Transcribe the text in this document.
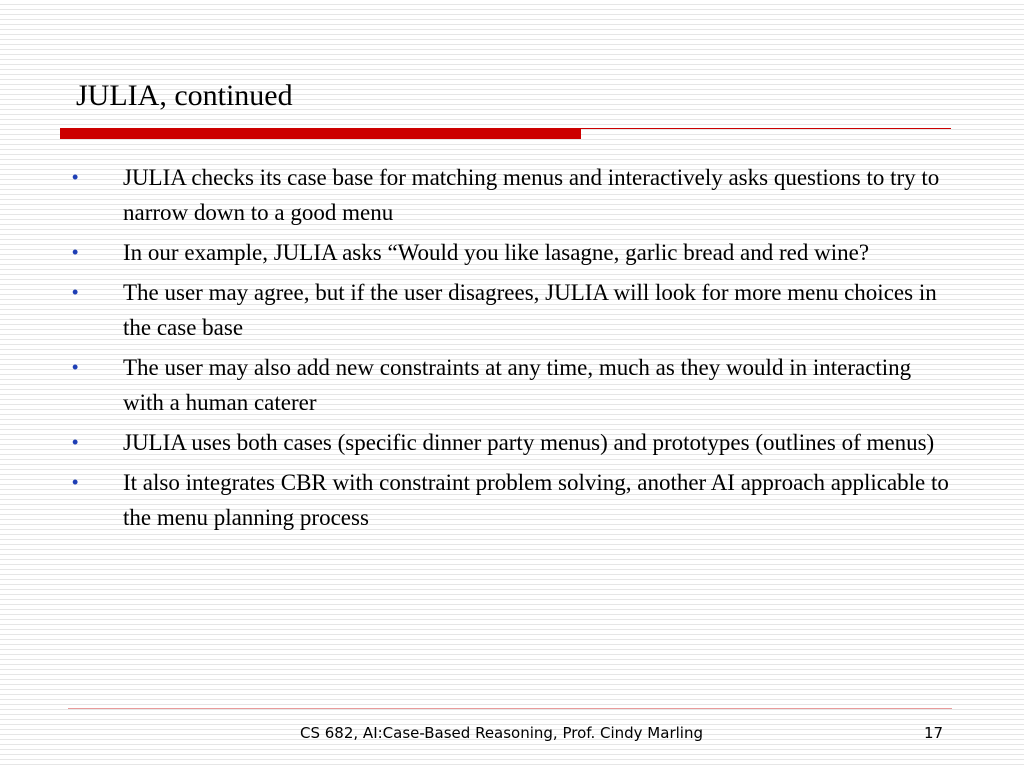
JULIA, continued
• JULIA checks its case base for matching menus and interactively asks questions to try to narrow down to a good menu
• In our example, JULIA asks “Would you like lasagne, garlic bread and red wine?
• The user may agree, but if the user disagrees, JULIA will look for more menu choices in the case base
• The user may also add new constraints at any time, much as they would in interacting with a human caterer
• JULIA uses both cases (specific dinner party menus) and prototypes (outlines of menus)
• It also integrates CBR with constraint problem solving, another AI approach applicable to the menu planning process
CS 682, AI:Case-Based Reasoning, Prof. Cindy Marling	17
